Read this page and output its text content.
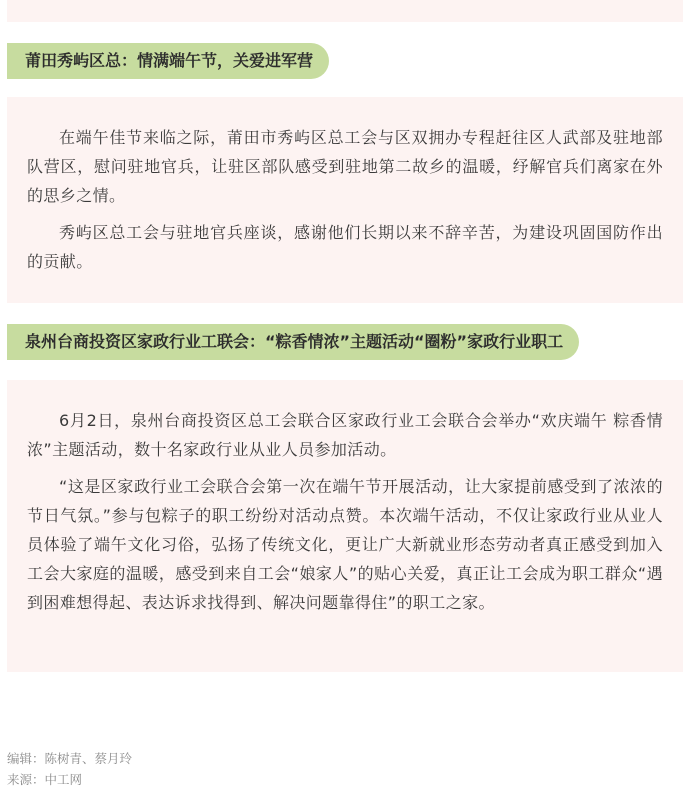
莆田秀屿区总：情满端午节，关爱进军营

在端午佳节来临之际，莆田市秀屿区总工会与区双拥办专程赶往区人武部及驻地部队营区，慰问驻地官兵，让驻区部队感受到驻地第二故乡的温暖，纾解官兵们离家在外的思乡之情。

秀屿区总工会与驻地官兵座谈，感谢他们长期以来不辞辛苦，为建设巩固国防作出的贡献。

泉州台商投资区家政行业工联会：“粽香情浓”主题活动“圈粉”家政行业职工

6月2日，泉州台商投资区总工会联合区家政行业工会联合会举办“欢庆端午 粽香情浓”主题活动，数十名家政行业从业人员参加活动。

“这是区家政行业工会联合会第一次在端午节开展活动，让大家提前感受到了浓浓的节日气氛。”参与包粽子的职工纷纷对活动点赞。本次端午活动，不仅让家政行业从业人员体验了端午文化习俗，弘扬了传统文化，更让广大新就业形态劳动者真正感受到加入工会大家庭的温暖，感受到来自工会“娘家人”的贴心关爱，真正让工会成为职工群众“遇到困难想得起、表达诉求找得到、解决问题靠得住”的职工之家。

编辑：陈树青、蔡月玲
来源：中工网
